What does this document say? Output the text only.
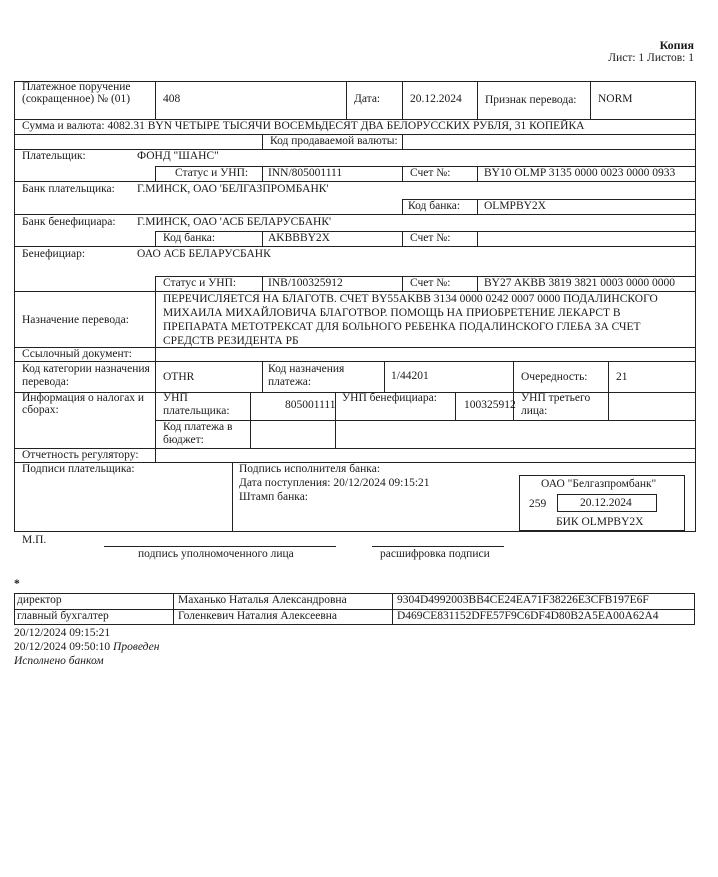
Копия
Лист: 1 Листов: 1
Платежное поручение (сокращенное) № (01)	408	Дата:	20.12.2024 Признак перевода: NORM
Сумма и валюта: 4082.31 BYN ЧЕТЫРЕ ТЫСЯЧИ ВОСЕМЬДЕСЯТ ДВА БЕЛОРУССКИХ РУБЛЯ, 31 КОПЕЙКА
Код продаваемой валюты:
Плательщик:	ФОНД "ШАНС"
Статус и УНП: INN/805001111	Счет №:	BY10 OLMP 3135 0000 0023 0000 0933
Банк плательщика: Г.МИНСК, ОАО 'БЕЛГАЗПРОМБАНК'
Код банка: OLMPBY2X
Банк бенефициара: Г.МИНСК, ОАО 'АСБ БЕЛАРУСБАНК'
Код банка:	AKBBBY2X	Счет №:
Бенефициар:	ОАО АСБ БЕЛАРУСБАНК
Статус и УНП:	INB/100325912	Счет №:	BY27 AKBB 3819 3821 0003 0000 0000
Назначение перевода:
ПЕРЕЧИСЛЯЕТСЯ НА БЛАГОТВ. СЧЕТ BY55AKBB 3134 0000 0242 0007 0000 ПОДАЛИНСКОГО
МИХАИЛА МИХАЙЛОВИЧА БЛАГОТВОР. ПОМОЩЬ НА ПРИОБРЕТЕНИЕ ЛЕКАРСТ В
ПРЕПАРАТА МЕТОТРЕКСАТ ДЛЯ БОЛЬНОГО РЕБЕНКА ПОДАЛИНСКОГО ГЛЕБА ЗА СЧЕТ
СРЕДСТВ РЕЗИДЕНТА РБ
Ссылочный документ:
Код категории назначения перевода:	OTHR
Код назначения платежа:	1/44201	Очередность: 21
Информация о налогах и сборах:
УНП плательщика:	805001111
УНП бенефициара:
100325912
УНП третьего лица:
Код платежа в бюджет:
Отчетность регулятору:
Подписи плательщика:	Подпись исполнителя банка:
Дата поступления: 20/12/2024 09:15:21
Штамп банка:
ОАО "Белгазпромбанк"
259	20.12.2024
БИК OLMPBY2X
М.П.
подпись уполномоченного лица	расшифровка подписи
*
директор	Маханько Наталья Александровна	9304D4992003BB4CE24EA71F38226E3CFB197E6F
главный бухгалтер	Голенкевич Наталия Алексеевна	D469CE831152DFE57F9C6DF4D80B2A5EA00A62A4
20/12/2024 09:15:21
20/12/2024 09:50:10 Проведен
Исполнено банком
